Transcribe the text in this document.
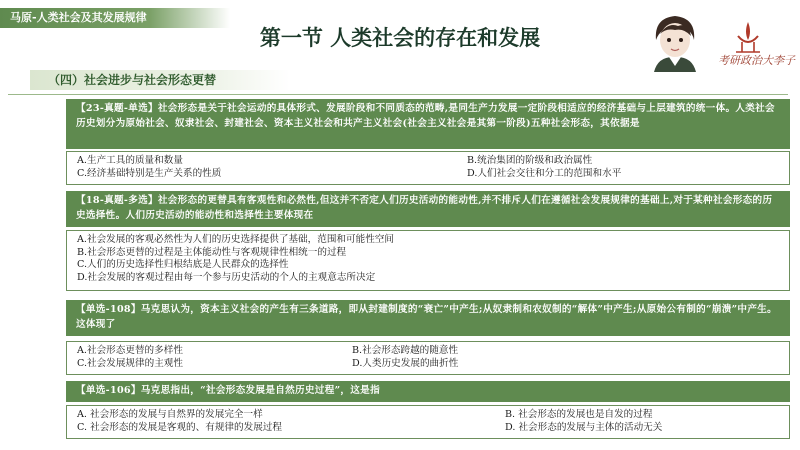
马原-人类社会及其发展规律
第一节 人类社会的存在和发展
考研政治大李子
（四）社会进步与社会形态更替
【23-真题-单选】社会形态是关于社会运动的具体形式、发展阶段和不同质态的范畴,是同生产力发展一定阶段相适应的经济基础与上层建筑的统一体。人类社会历史划分为原始社会、奴隶社会、封建社会、资本主义社会和共产主义社会(社会主义社会是其第一阶段)五种社会形态，其依据是
A.生产工具的质量和数量	B.统治集团的阶级和政治属性
C.经济基础特别是生产关系的性质	D.人们社会交往和分工的范围和水平
【18-真题-多选】社会形态的更替具有客观性和必然性,但这并不否定人们历史活动的能动性,并不排斥人们在遵循社会发展规律的基础上,对于某种社会形态的历史选择性。人们历史活动的能动性和选择性主要体现在
A.社会发展的客观必然性为人们的历史选择提供了基础，范围和可能性空间
B.社会形态更替的过程是主体能动性与客观规律性相统一的过程
C.人们的历史选择性归根结底是人民群众的选择性
D.社会发展的客观过程由每一个参与历史活动的个人的主观意志所决定
【单选-108】马克思认为，资本主义社会的产生有三条道路，即从封建制度的“衰亡”中产生;从奴隶制和农奴制的“解体”中产生;从原始公有制的“崩溃”中产生。这体现了
A.社会形态更替的多样性	B.社会形态跨越的随意性
C.社会发展规律的主观性	D.人类历史发展的曲折性
【单选-106】马克思指出，“社会形态发展是自然历史过程”，这是指
A. 社会形态的发展与自然界的发展完全一样	B. 社会形态的发展也是自发的过程
C. 社会形态的发展是客观的、有规律的发展过程	D. 社会形态的发展与主体的活动无关
